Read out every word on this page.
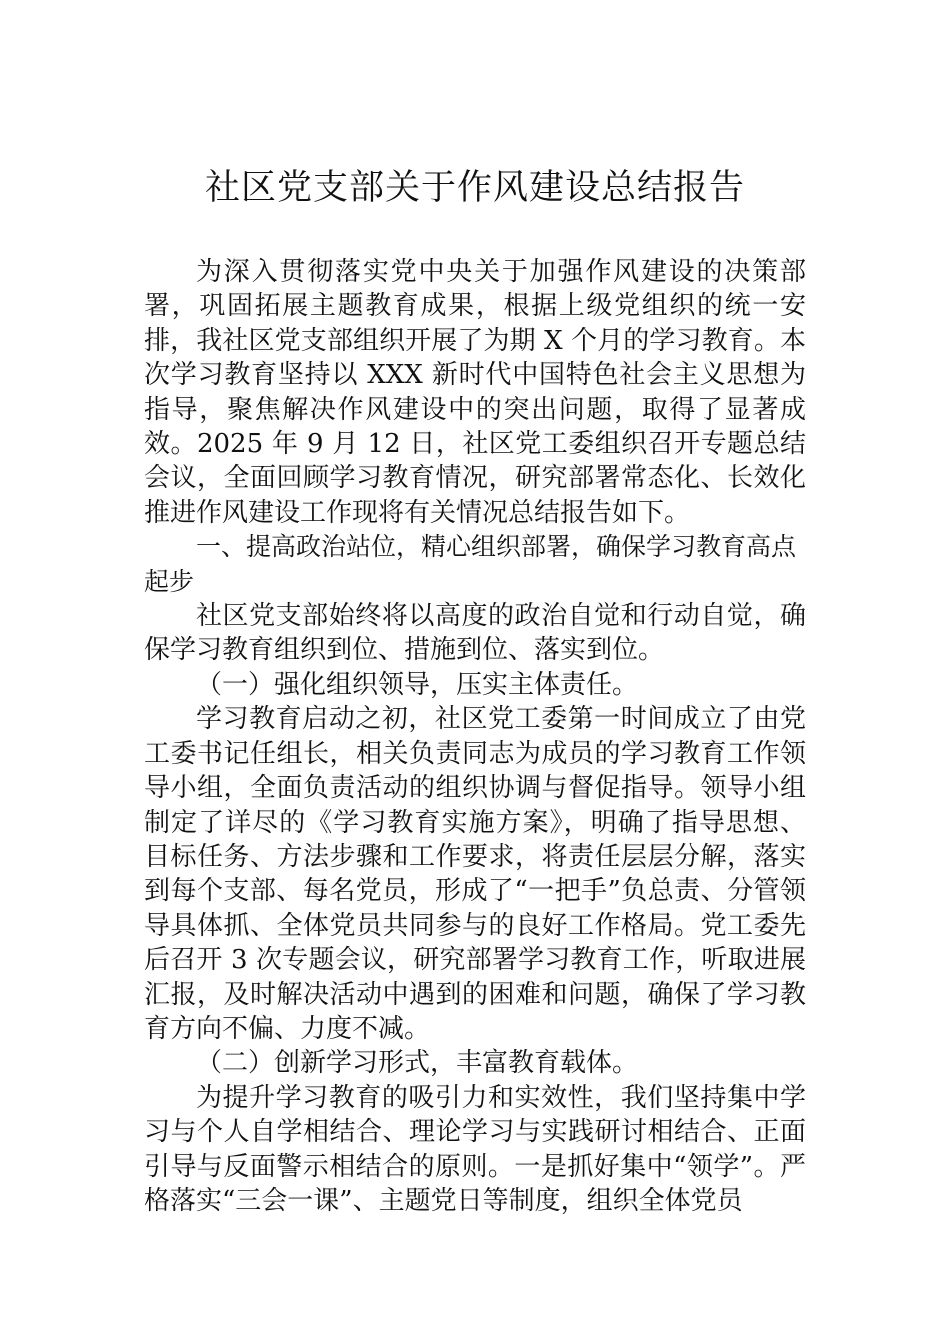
社区党支部关于作风建设总结报告

为深入贯彻落实党中央关于加强作风建设的决策部署，巩固拓展主题教育成果，根据上级党组织的统一安排，我社区党支部组织开展了为期 X 个月的学习教育。本次学习教育坚持以 XXX 新时代中国特色社会主义思想为指导，聚焦解决作风建设中的突出问题，取得了显著成效。2025 年 9 月 12 日，社区党工委组织召开专题总结会议，全面回顾学习教育情况，研究部署常态化、长效化推进作风建设工作现将有关情况总结报告如下。

一、提高政治站位，精心组织部署，确保学习教育高点起步

社区党支部始终将以高度的政治自觉和行动自觉，确保学习教育组织到位、措施到位、落实到位。

（一）强化组织领导，压实主体责任。

学习教育启动之初，社区党工委第一时间成立了由党工委书记任组长，相关负责同志为成员的学习教育工作领导小组，全面负责活动的组织协调与督促指导。领导小组制定了详尽的《学习教育实施方案》，明确了指导思想、目标任务、方法步骤和工作要求，将责任层层分解，落实到每个支部、每名党员，形成了“一把手”负总责、分管领导具体抓、全体党员共同参与的良好工作格局。党工委先后召开 3 次专题会议，研究部署学习教育工作，听取进展汇报，及时解决活动中遇到的困难和问题，确保了学习教育方向不偏、力度不减。

（二）创新学习形式，丰富教育载体。

为提升学习教育的吸引力和实效性，我们坚持集中学习与个人自学相结合、理论学习与实践研讨相结合、正面引导与反面警示相结合的原则。一是抓好集中“领学”。严格落实“三会一课”、主题党日等制度，组织全体党员
